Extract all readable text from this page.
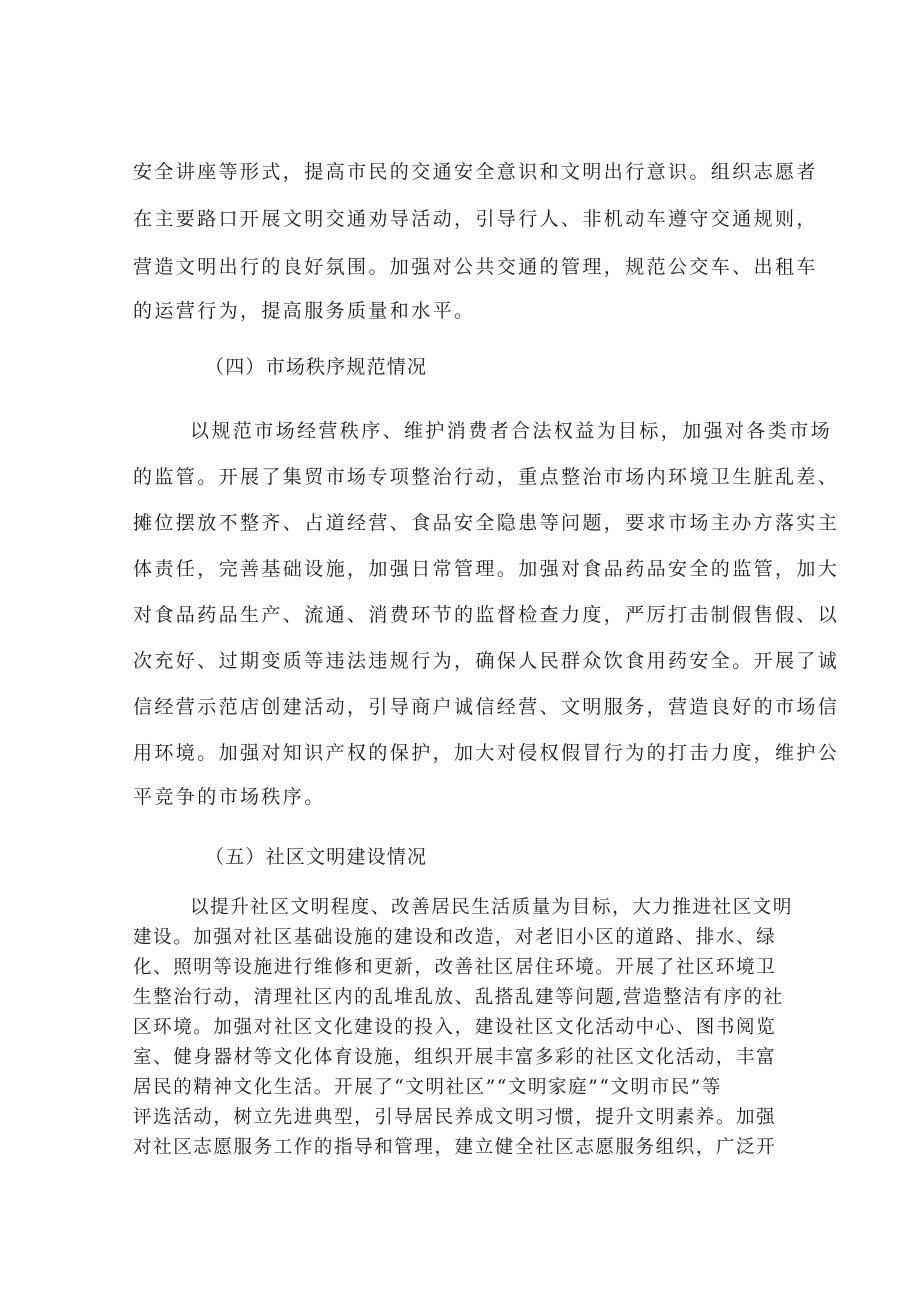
安全讲座等形式，提高市民的交通安全意识和文明出行意识。组织志愿者
在主要路口开展文明交通劝导活动，引导行人、非机动车遵守交通规则，
营造文明出行的良好氛围。加强对公共交通的管理，规范公交车、出租车
的运营行为，提高服务质量和水平。
（四）市场秩序规范情况
以规范市场经营秩序、维护消费者合法权益为目标，加强对各类市场
的监管。开展了集贸市场专项整治行动，重点整治市场内环境卫生脏乱差、
摊位摆放不整齐、占道经营、食品安全隐患等问题，要求市场主办方落实主
体责任，完善基础设施，加强日常管理。加强对食品药品安全的监管，加大
对食品药品生产、流通、消费环节的监督检查力度，严厉打击制假售假、以
次充好、过期变质等违法违规行为，确保人民群众饮食用药安全。开展了诚
信经营示范店创建活动，引导商户诚信经营、文明服务，营造良好的市场信
用环境。加强对知识产权的保护，加大对侵权假冒行为的打击力度，维护公
平竞争的市场秩序。
（五）社区文明建设情况
以提升社区文明程度、改善居民生活质量为目标，大力推进社区文明
建设。加强对社区基础设施的建设和改造，对老旧小区的道路、排水、绿
化、照明等设施进行维修和更新，改善社区居住环境。开展了社区环境卫
生整治行动，清理社区内的乱堆乱放、乱搭乱建等问题,营造整洁有序的社
区环境。加强对社区文化建设的投入，建设社区文化活动中心、图书阅览
室、健身器材等文化体育设施，组织开展丰富多彩的社区文化活动，丰富
居民的精神文化生活。开展了“文明社区”“文明家庭”“文明市民”等
评选活动，树立先进典型，引导居民养成文明习惯，提升文明素养。加强
对社区志愿服务工作的指导和管理，建立健全社区志愿服务组织，广泛开
